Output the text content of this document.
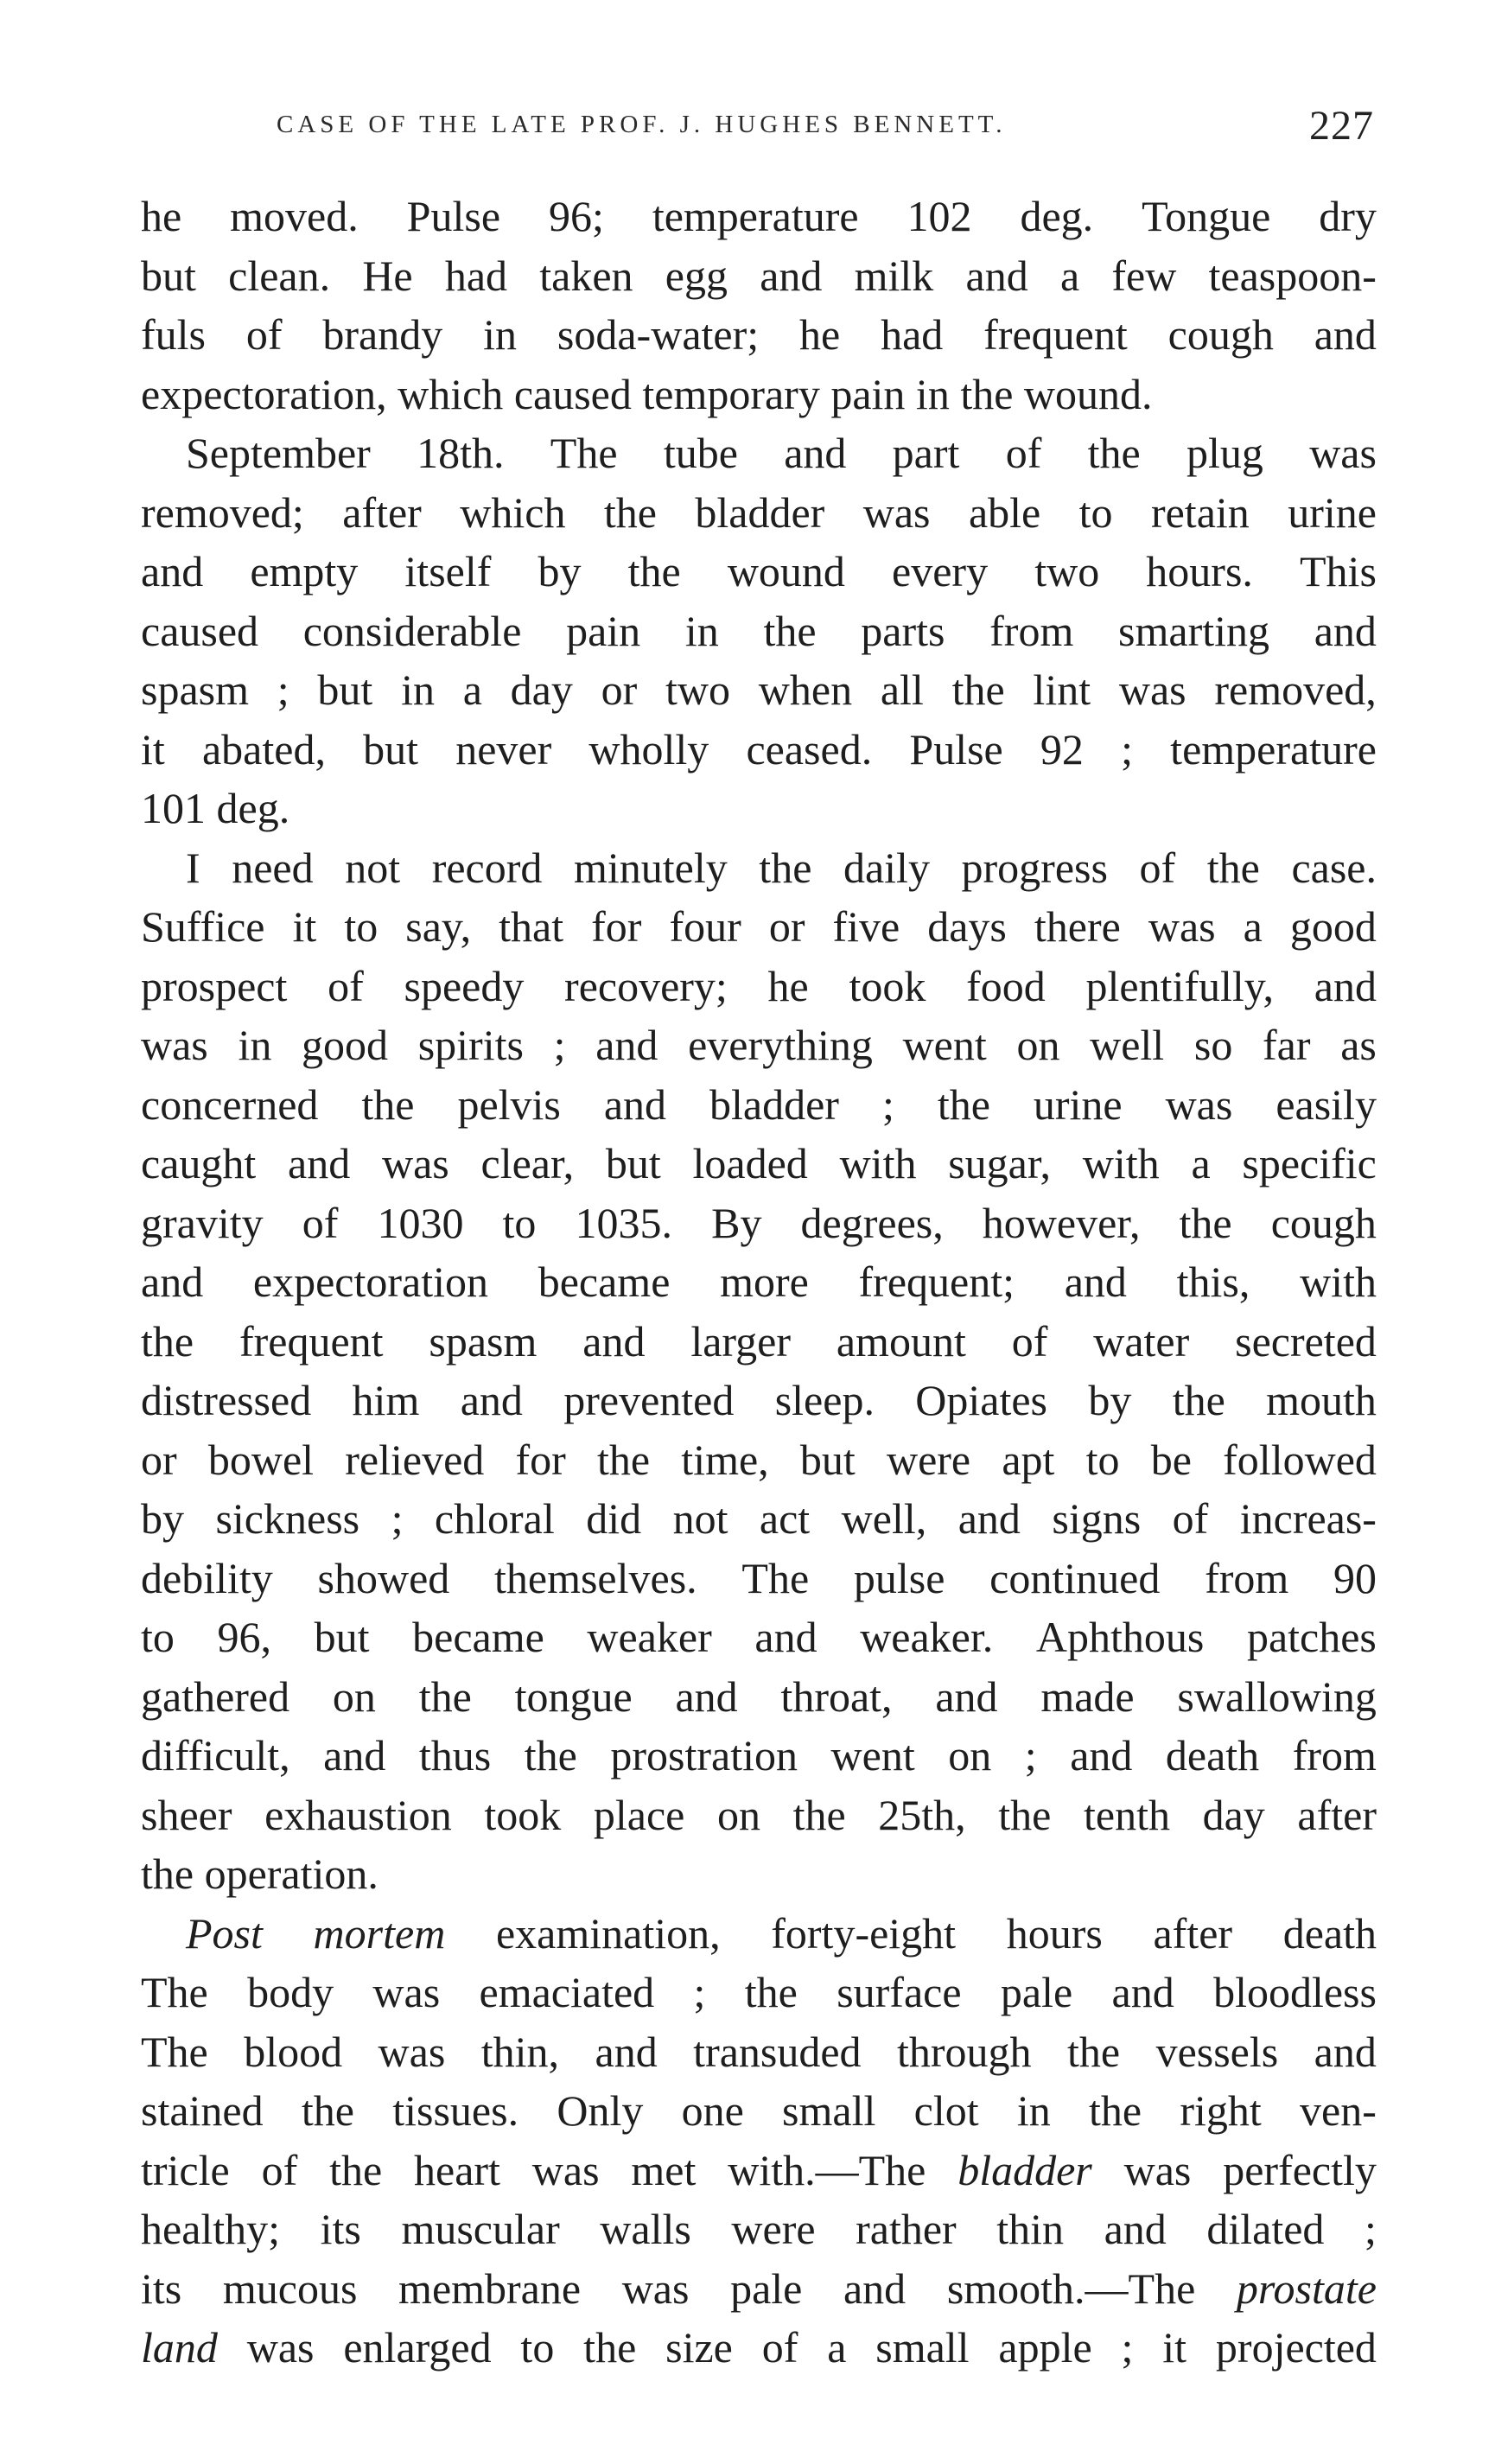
CASE OF THE LATE PROF. J. HUGHES BENNETT.	227
he moved. Pulse 96; temperature 102 deg. Tongue dry
but clean. He had taken egg and milk and a few teaspoon-
fuls of brandy in soda-water; he had frequent cough and
expectoration,
which
caused
temporary
pain
in
the
wound.
September 18th. The tube and part of the plug was
removed; after which the bladder was able to retain urine
and empty itself by the wound every two hours. This
caused considerable pain in the parts from smarting and
spasm ; but in a day or two when all the lint was removed,
it abated, but never wholly ceased. Pulse 92 ; temperature
101
deg.
I need not record minutely the daily progress of the case.
Suffice it to say, that for four or five days there was a good
prospect of speedy recovery; he took food plentifully, and
was in good spirits ; and everything went on well so far as
concerned the pelvis and bladder ; the urine was easily
caught and was clear, but loaded with sugar, with a specific
gravity of 1030 to 1035. By degrees, however, the cough
and expectoration became more frequent; and this, with
the frequent spasm and larger amount of water secreted
distressed him and prevented sleep. Opiates by the mouth
or bowel relieved for the time, but were apt to be followed
by sickness ; chloral did not act well, and signs of increas-
debility showed themselves. The pulse continued from 90
to 96, but became weaker and weaker. Aphthous patches
gathered on the tongue and throat, and made swallowing
difficult, and thus the prostration went on ; and death from
sheer exhaustion took place on the 25th, the tenth day after
the
operation.
Post mortem examination, forty-eight hours after death
The body was emaciated ; the surface pale and bloodless
The blood was thin, and transuded through the vessels and
stained the tissues. Only one small clot in the right ven-
tricle of the heart was met with.—The bladder was perfectly
healthy; its muscular walls were rather thin and dilated ;
its mucous membrane was pale and smooth.—The prostate
land was enlarged to the size of a small apple ; it projected
